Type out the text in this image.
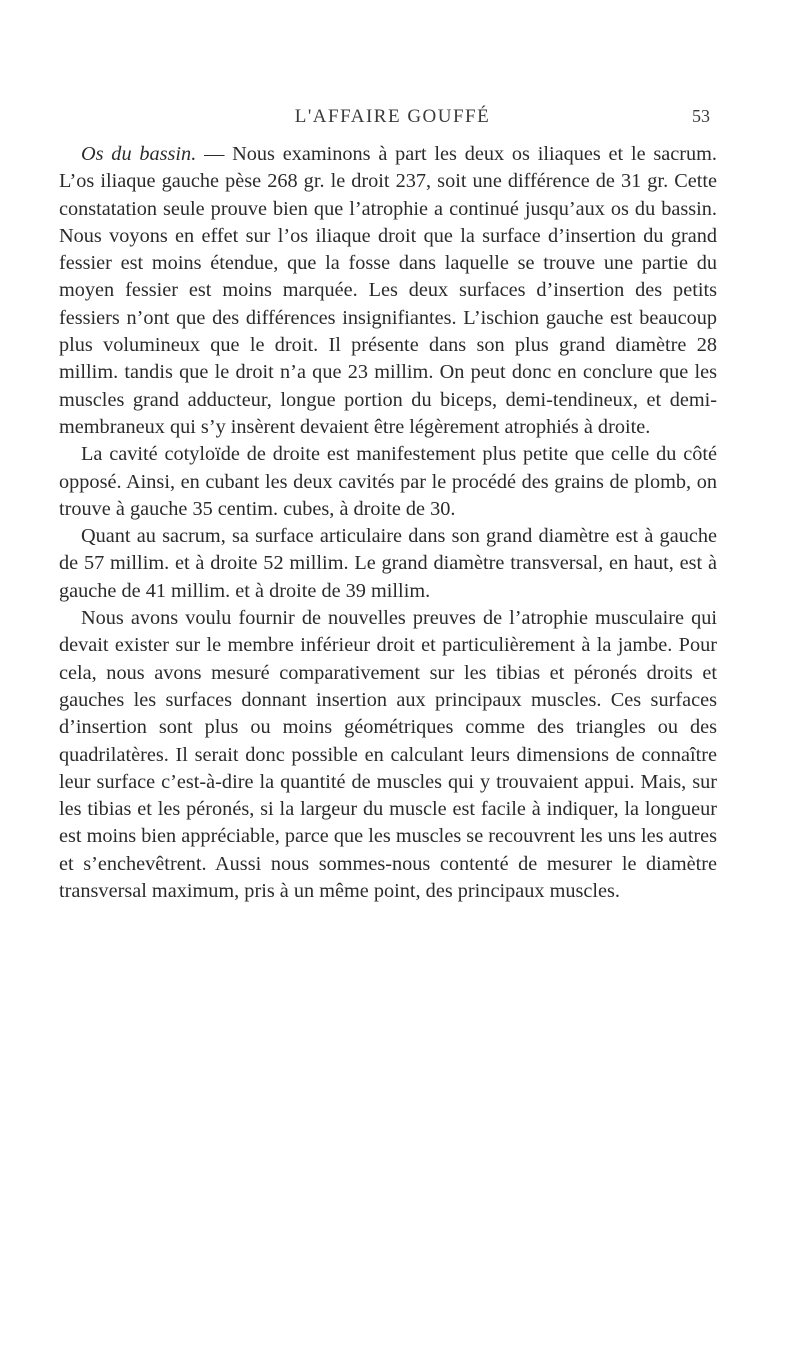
L'AFFAIRE GOUFFÉ	53

Os du bassin. — Nous examinons à part les deux os iliaques et le sacrum. L’os iliaque gauche pèse 268 gr. le droit 237, soit une différence de 31 gr. Cette constatation seule prouve bien que l’atrophie a continué jusqu’aux os du bassin. Nous voyons en effet sur l’os iliaque droit que la surface d’insertion du grand fessier est moins étendue, que la fosse dans laquelle se trouve une partie du moyen fessier est moins marquée. Les deux surfaces d’insertion des petits fessiers n’ont que des différences insignifiantes. L’ischion gauche est beaucoup plus volumineux que le droit. Il présente dans son plus grand diamètre 28 millim. tandis que le droit n’a que 23 millim. On peut donc en conclure que les muscles grand adducteur, longue portion du biceps, demi-tendineux, et demi-membraneux qui s’y insèrent devaient être légèrement atrophiés à droite.

La cavité cotyloïde de droite est manifestement plus petite que celle du côté opposé. Ainsi, en cubant les deux cavités par le procédé des grains de plomb, on trouve à gauche 35 centim. cubes, à droite de 30.

Quant au sacrum, sa surface articulaire dans son grand diamètre est à gauche de 57 millim. et à droite 52 millim. Le grand diamètre transversal, en haut, est à gauche de 41 millim. et à droite de 39 millim.

Nous avons voulu fournir de nouvelles preuves de l’atrophie musculaire qui devait exister sur le membre inférieur droit et particulièrement à la jambe. Pour cela, nous avons mesuré comparativement sur les tibias et péronés droits et gauches les surfaces donnant insertion aux principaux muscles. Ces surfaces d’insertion sont plus ou moins géométriques comme des triangles ou des quadrilatères. Il serait donc possible en calculant leurs dimensions de connaître leur surface c’est-à-dire la quantité de muscles qui y trouvaient appui. Mais, sur les tibias et les péronés, si la largeur du muscle est facile à indiquer, la longueur est moins bien appréciable, parce que les muscles se recouvrent les uns les autres et s’enchevêtrent. Aussi nous sommes-nous contenté de mesurer le diamètre transversal maximum, pris à un même point, des principaux muscles.
